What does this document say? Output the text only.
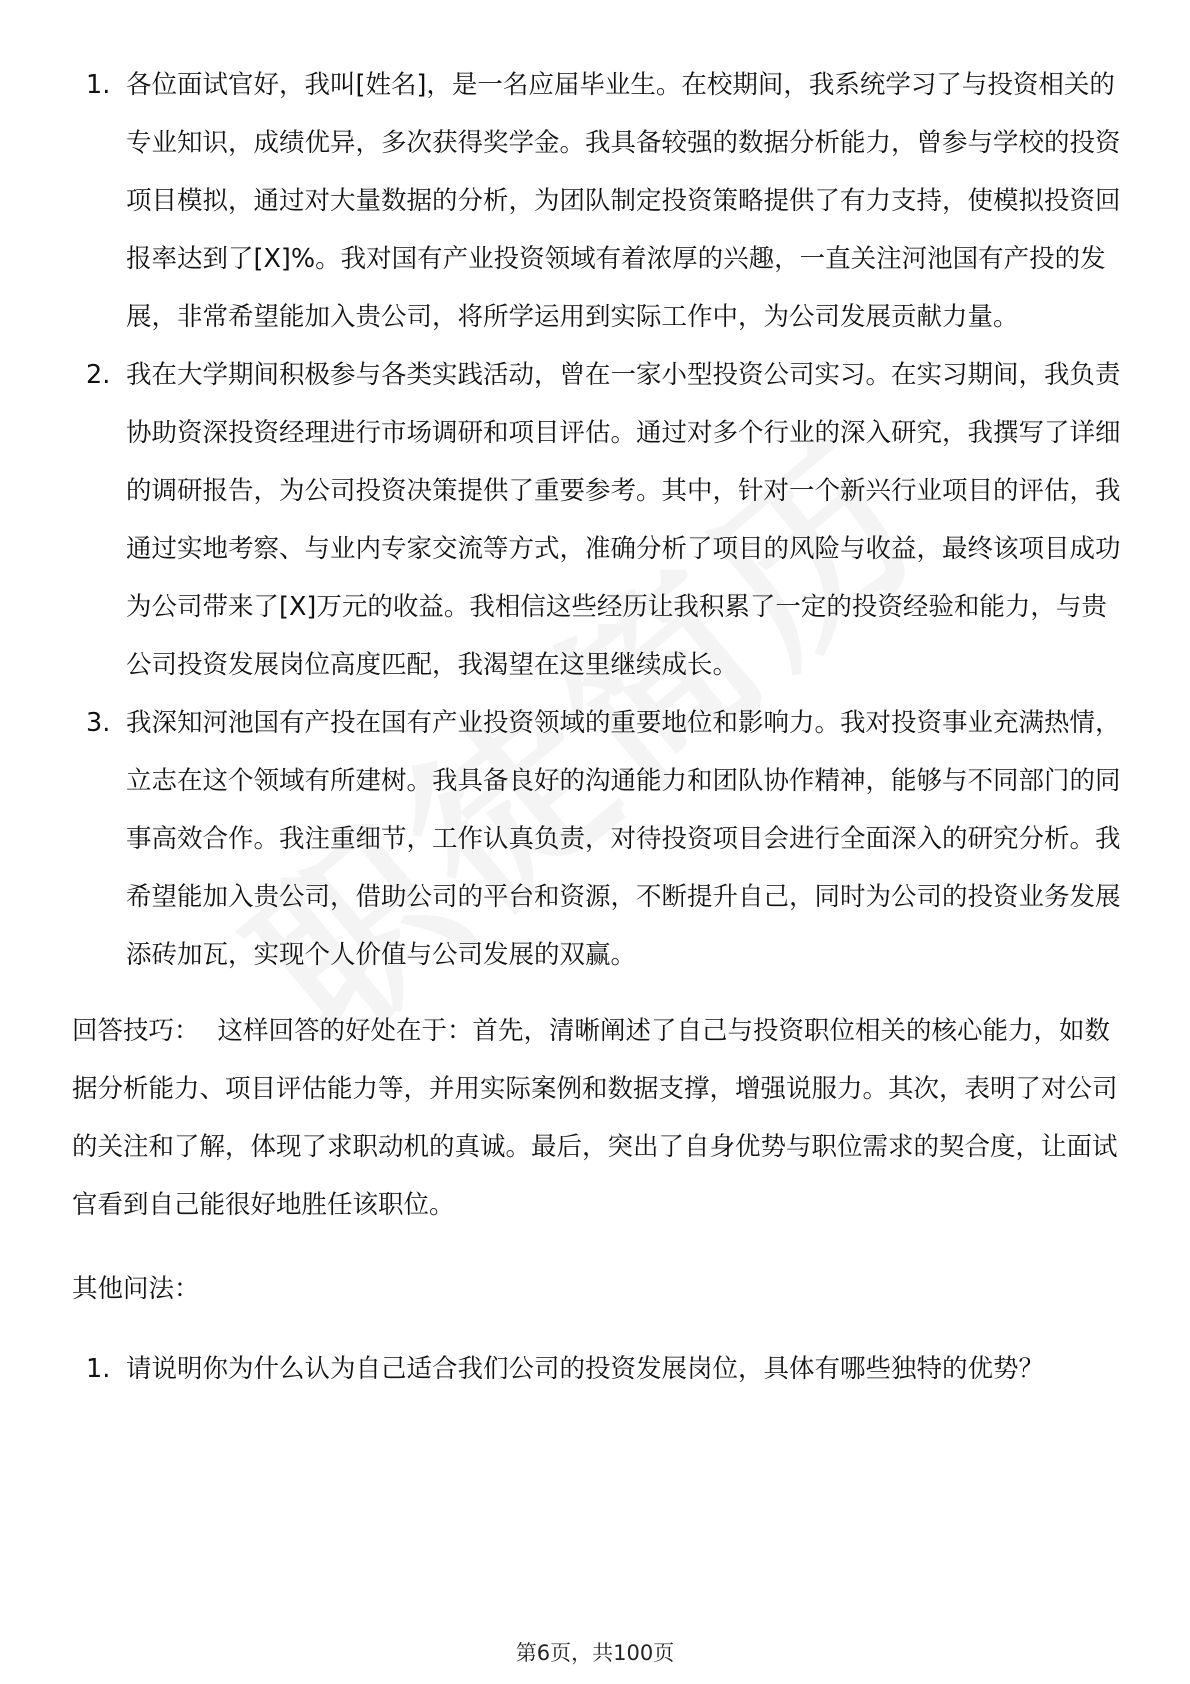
1. 各位面试官好，我叫[姓名]，是一名应届毕业生。在校期间，我系统学习了与投资相关的专业知识，成绩优异，多次获得奖学金。我具备较强的数据分析能力，曾参与学校的投资项目模拟，通过对大量数据的分析，为团队制定投资策略提供了有力支持，使模拟投资回报率达到了[X]%。我对国有产业投资领域有着浓厚的兴趣，一直关注河池国有产投的发展，非常希望能加入贵公司，将所学运用到实际工作中，为公司发展贡献力量。
2. 我在大学期间积极参与各类实践活动，曾在一家小型投资公司实习。在实习期间，我负责协助资深投资经理进行市场调研和项目评估。通过对多个行业的深入研究，我撰写了详细的调研报告，为公司投资决策提供了重要参考。其中，针对一个新兴行业项目的评估，我通过实地考察、与业内专家交流等方式，准确分析了项目的风险与收益，最终该项目成功为公司带来了[X]万元的收益。我相信这些经历让我积累了一定的投资经验和能力，与贵公司投资发展岗位高度匹配，我渴望在这里继续成长。
3. 我深知河池国有产投在国有产业投资领域的重要地位和影响力。我对投资事业充满热情，立志在这个领域有所建树。我具备良好的沟通能力和团队协作精神，能够与不同部门的同事高效合作。我注重细节，工作认真负责，对待投资项目会进行全面深入的研究分析。我希望能加入贵公司，借助公司的平台和资源，不断提升自己，同时为公司的投资业务发展添砖加瓦，实现个人价值与公司发展的双赢。

回答技巧： 这样回答的好处在于：首先，清晰阐述了自己与投资职位相关的核心能力，如数据分析能力、项目评估能力等，并用实际案例和数据支撑，增强说服力。其次，表明了对公司的关注和了解，体现了求职动机的真诚。最后，突出了自身优势与职位需求的契合度，让面试官看到自己能很好地胜任该职位。

其他问法：

1. 请说明你为什么认为自己适合我们公司的投资发展岗位，具体有哪些独特的优势？
第6页，共100页
